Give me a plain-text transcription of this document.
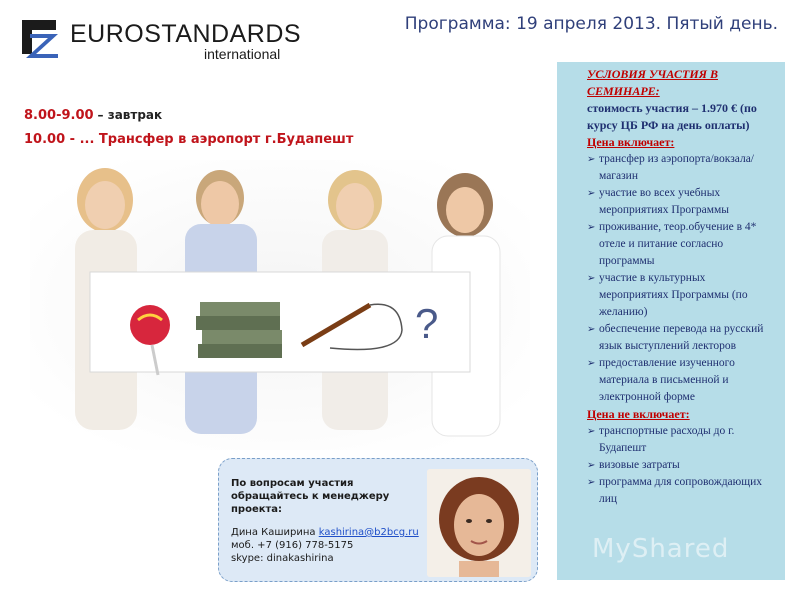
EUROSTANDARDS
international
Программа: 19 апреля 2013. Пятый день.
8.00-9.00 – завтрак
10.00 - ... Трансфер в аэропорт г.Будапешт
?
УСЛОВИЯ УЧАСТИЯ В СЕМИНАРЕ:
стоимость участия – 1.970 € (по курсу ЦБ РФ на день оплаты)
Цена включает:
➢ трансфер из аэропорта/вокзала/магазин
➢ участие во всех учебных мероприятиях Программы
➢ проживание, теор.обучение в 4* отеле и питание согласно программы
➢ участие в культурных мероприятиях Программы (по желанию)
➢ обеспечение перевода на русский язык выступлений лекторов
➢ предоставление изученного материала в письменной и электронной форме
Цена не включает:
➢ транспортные расходы до г. Будапешт
➢ визовые затраты
➢ программа для сопровождающих лиц
По вопросам участия обращайтесь к менеджеру проекта:
Дина Каширина kashirina@b2bcg.ru
моб. +7 (916) 778-5175
skype: dinakashirina	MyShared
